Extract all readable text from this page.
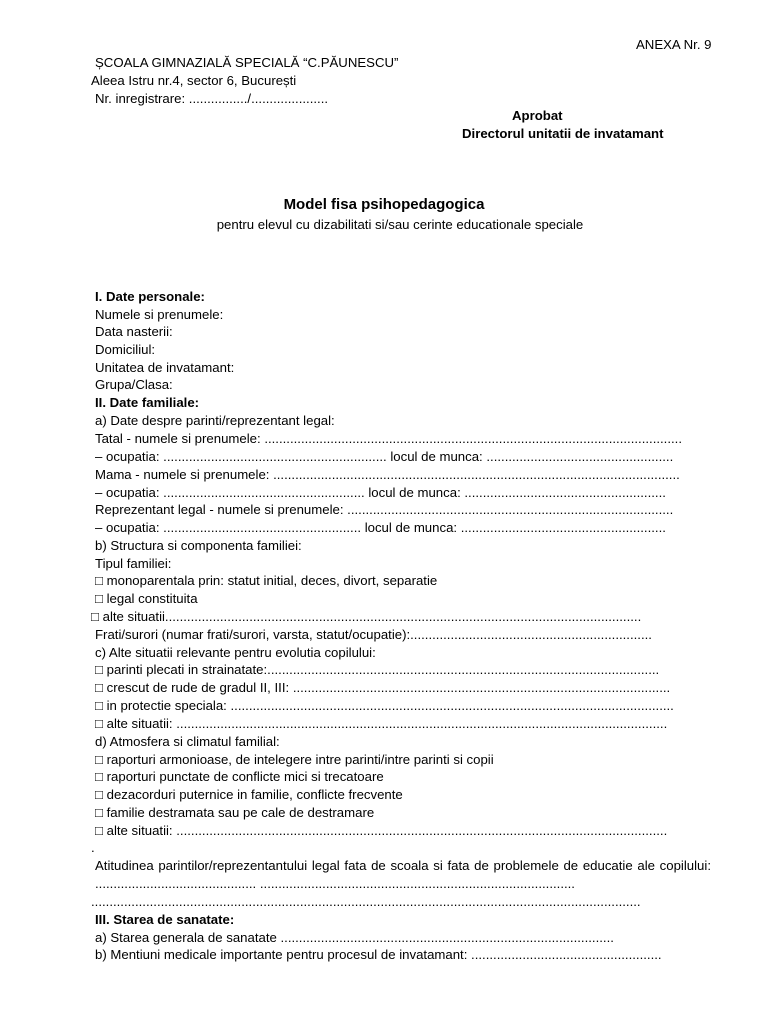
ANEXA Nr. 9
ȘCOALA GIMNAZIALĂ SPECIALĂ “C.PĂUNESCU”
Aleea Istru nr.4, sector 6, București
Nr. inregistrare: ................/.....................
Aprobat
Directorul unitatii de invatamant
Model fisa psihopedagogica
pentru elevul cu dizabilitati si/sau cerinte educationale speciale
I. Date personale:
Numele si prenumele:
Data nasterii:
Domiciliul:
Unitatea de invatamant:
Grupa/Clasa:
II. Date familiale:
a) Date despre parinti/reprezentant legal:
Tatal - numele si prenumele: ..................................................................................................................
– ocupatia: ............................................................. locul de munca: ...................................................
Mama - numele si prenumele: ...............................................................................................................
– ocupatia: ....................................................... locul de munca: .......................................................
Reprezentant legal - numele si prenumele: .........................................................................................
– ocupatia: ...................................................... locul de munca: ........................................................
b) Structura si componenta familiei:
Tipul familiei:
□ monoparentala prin: statut initial, deces, divort, separatie
□ legal constituita
□ alte situatii..................................................................................................................................
Frati/surori (numar frati/surori, varsta, statut/ocupatie):..................................................................
c) Alte situatii relevante pentru evolutia copilului:
□ parinti plecati in strainatate:...........................................................................................................
□ crescut de rude de gradul II, III: .......................................................................................................
□ in protectie speciala: .........................................................................................................................
□ alte situatii: ......................................................................................................................................
d) Atmosfera si climatul familial:
□ raporturi armonioase, de intelegere intre parinti/intre parinti si copii
□ raporturi punctate de conflicte mici si trecatoare
□ dezacorduri puternice in familie, conflicte frecvente
□ familie destramata sau pe cale de destramare
□ alte situatii: ......................................................................................................................................
.
Atitudinea parintilor/reprezentantului legal fata de scoala si fata de problemele de educatie ale copilului: ............................................ ......................................................................................
......................................................................................................................................................
III. Starea de sanatate:
a) Starea generala de sanatate ...........................................................................................
b) Mentiuni medicale importante pentru procesul de invatamant: ....................................................
